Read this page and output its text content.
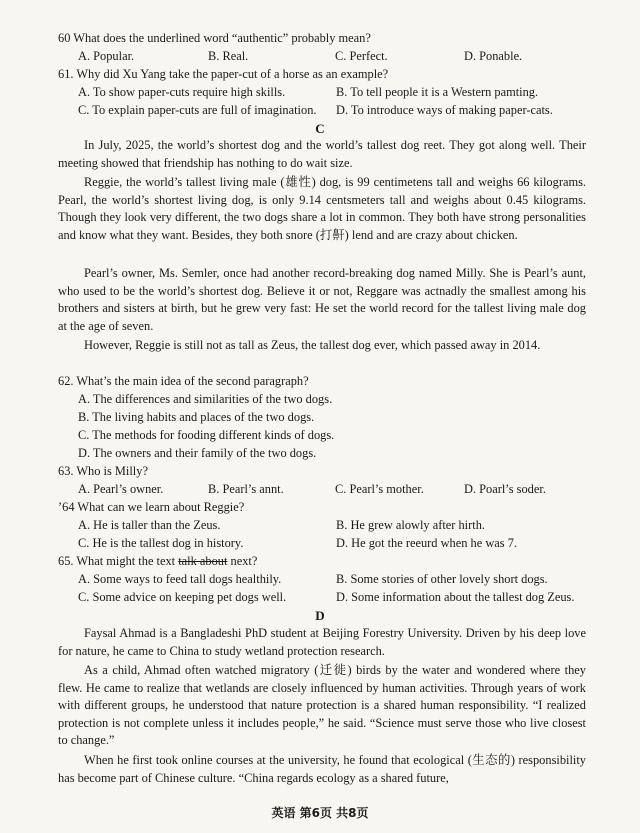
60 What does the underlined word “authentic” probably mean?
A. Popular.	B. Real.	C. Perfect.	D. Ponable.
61. Why did Xu Yang take the paper-cut of a horse as an example?
A. To show paper-cuts require high skills.	B. To tell people it is a Western pamting.
C. To explain paper-cuts are full of imagination. D. To introduce ways of making paper-cats.
C
In July, 2025, the world’s shortest dog and the world’s tallest dog reet. They got along well. Their meeting showed that friendship has nothing to do wait size.
Reggie, the world’s tallest living male (雄性) dog, is 99 centimetens tall and weighs 66 kilograms. Pearl, the world’s shortest living dog, is only 9.14 centsmeters tall and weighs about 0.45 kilograms. Though they look very different, the two dogs share a lot in common. They both have strong personalities and know what they want. Besides, they both snore (打鼾) lend and are crazy about chicken.
Pearl’s owner, Ms. Semler, once had another record-breaking dog named Milly. She is Pearl’s aunt, who used to be the world’s shortest dog. Believe it or not, Reggare was actnadly the smallest among his brothers and sisters at birth, but he grew very fast: He set the world record for the tallest living male dog at the age of seven.
However, Reggie is still not as tall as Zeus, the tallest dog ever, which passed away in 2014.
62. What’s the main idea of the second paragraph?
A. The differences and similarities of the two dogs.
B. The living habits and places of the two dogs.
C. The methods for fooding different kinds of dogs.
D. The owners and their family of the two dogs.
63. Who is Milly?
A. Pearl’s owner.	B. Pearl’s annt.	C. Pearl’s mother.	D. Poarl’s soder.
’64 What can we learn about Reggie?
A. He is taller than the Zeus.	B. He grew alowly after hirth.
C. He is the tallest dog in history.	D. He got the reeurd when he was 7.
65. What might the text talk about next?
A. Some ways to feed tall dogs healthily.	B. Some stories of other lovely short dogs.
C. Some advice on keeping pet dogs well.	D. Some information about the tallest dog Zeus.
D
Faysal Ahmad is a Bangladeshi PhD student at Beijing Forestry University. Driven by his deep love for nature, he came to China to study wetland protection research.
As a child, Ahmad often watched migratory (迁徙) birds by the water and wondered where they flew. He came to realize that wetlands are closely influenced by human activities. Through years of work with different groups, he understood that nature protection is a shared human responsibility. “I realized protection is not complete unless it includes people,” he said. “Science must serve those who live closest to change.”
When he first took online courses at the university, he found that ecological (生态的) responsibility has become part of Chinese culture. “China regards ecology as a shared future,
英语 第6页 共8页
